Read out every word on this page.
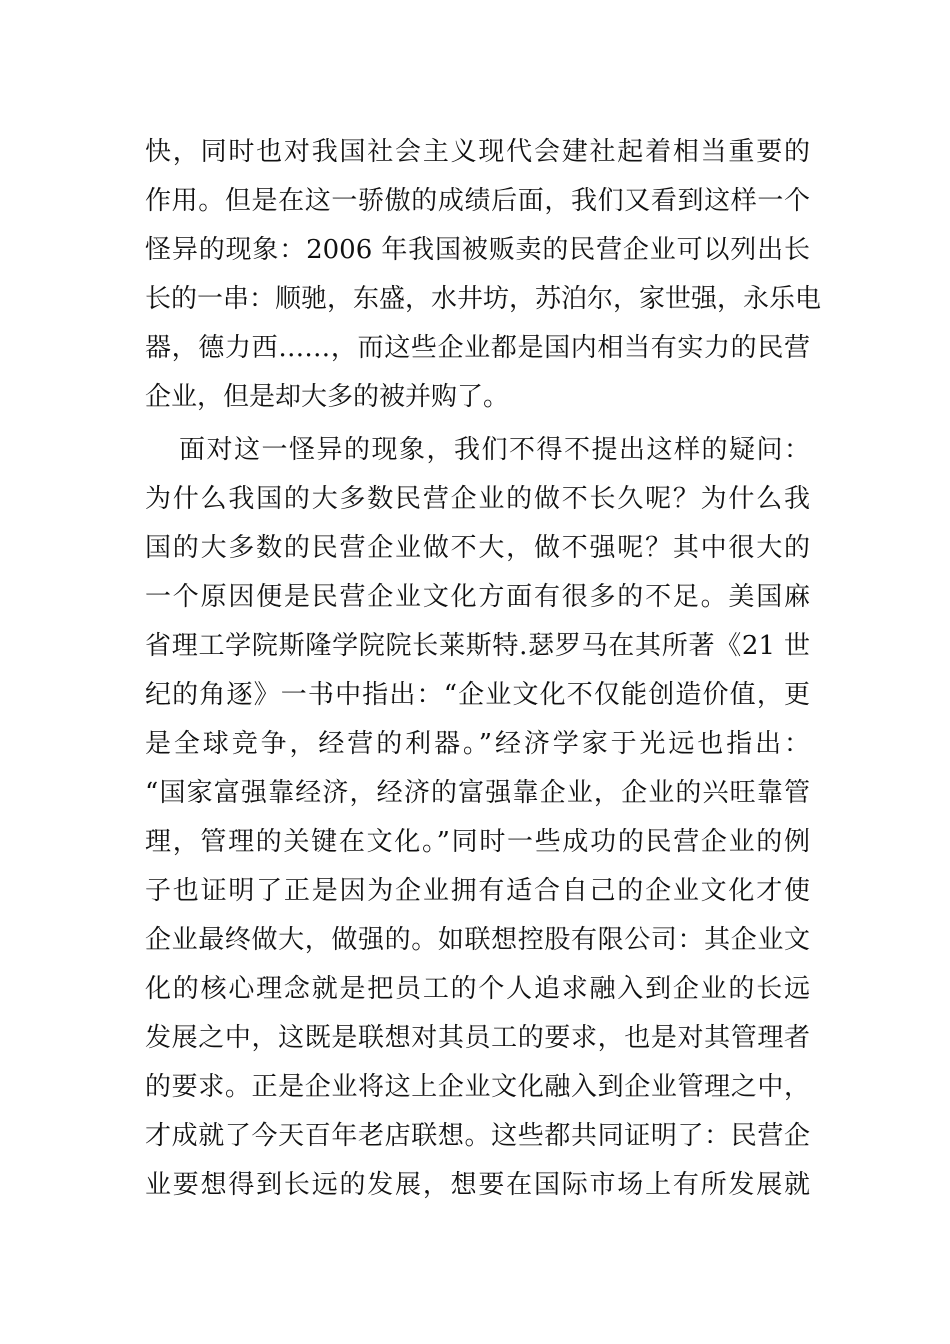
快，同时也对我国社会主义现代会建社起着相当重要的
作用。但是在这一骄傲的成绩后面，我们又看到这样一个
怪异的现象：2006 年我国被贩卖的民营企业可以列出长
长的一串：顺驰，东盛，水井坊，苏泊尔，家世强，永乐电
器，德力西……，而这些企业都是国内相当有实力的民营
企业，但是却大多的被并购了。
面对这一怪异的现象，我们不得不提出这样的疑问：
为什么我国的大多数民营企业的做不长久呢？为什么我
国的大多数的民营企业做不大，做不强呢？其中很大的
一个原因便是民营企业文化方面有很多的不足。美国麻
省理工学院斯隆学院院长莱斯特.瑟罗马在其所著《21 世
纪的角逐》一书中指出：“企业文化不仅能创造价值，更
是全球竞争，经营的利器。”经济学家于光远也指出：
“国家富强靠经济，经济的富强靠企业，企业的兴旺靠管
理，管理的关键在文化。”同时一些成功的民营企业的例
子也证明了正是因为企业拥有适合自己的企业文化才使
企业最终做大，做强的。如联想控股有限公司：其企业文
化的核心理念就是把员工的个人追求融入到企业的长远
发展之中，这既是联想对其员工的要求，也是对其管理者
的要求。正是企业将这上企业文化融入到企业管理之中，
才成就了今天百年老店联想。这些都共同证明了：民营企
业要想得到长远的发展，想要在国际市场上有所发展就
